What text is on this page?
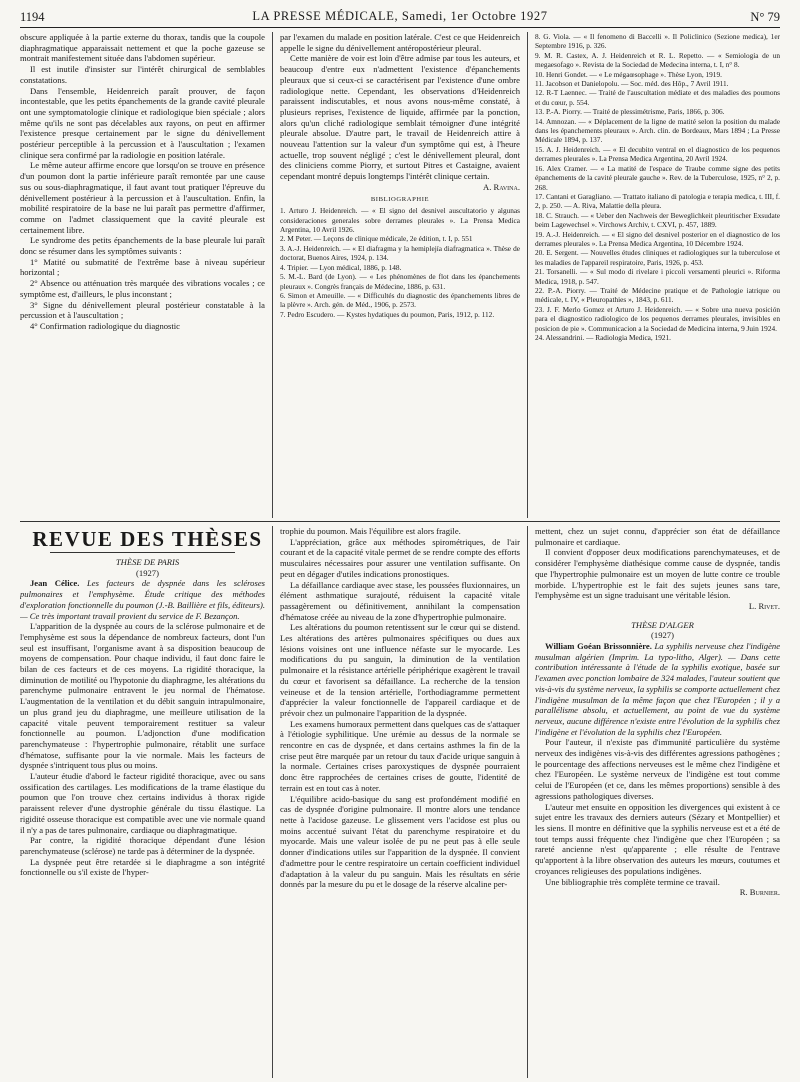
1194	LA PRESSE MÉDICALE, Samedi, 1er Octobre 1927	N° 79

obscure appliquée à la partie externe du thorax, tandis que la coupole diaphragmatique apparaissait nettement et que la poche gazeuse se montrait manifestement située dans l'abdomen supérieur.

Il est inutile d'insister sur l'intérêt chirurgical de semblables constatations.

Dans l'ensemble, Heidenreich paraît prouver, de façon incontestable, que les petits épanchements de la grande cavité pleurale ont une symptomatologie clinique et radiologique bien spéciale ; alors même qu'ils ne sont pas décelables aux rayons, on peut en affirmer l'existence presque certainement par le signe du dénivellement postérieur perceptible à la percussion et à l'auscultation ; l'examen clinique sera confirmé par la radiologie en position latérale.

Le même auteur affirme encore que lorsqu'on se trouve en présence d'un poumon dont la partie inférieure paraît remontée par une cause sus ou sous-diaphragmatique, il faut avant tout pratiquer l'épreuve du dénivellement postérieur à la percussion et à l'auscultation. Enfin, la mobilité respiratoire de la base ne lui paraît pas permettre d'affirmer, comme on l'admet classiquement que la cavité pleurale est certainement libre.

Le syndrome des petits épanchements de la base pleurale lui paraît donc se résumer dans les symptômes suivants :

1° Matité ou submatité de l'extrême base à niveau supérieur horizontal ;

2° Absence ou atténuation très marquée des vibrations vocales ; ce symptôme est, d'ailleurs, le plus inconstant ;

3° Signe du dénivellement pleural postérieur constatable à la percussion et à l'auscultation ;

4° Confirmation radiologique du diagnostic

par l'examen du malade en position latérale. C'est ce que Heidenreich appelle le signe du dénivellement antéropostérieur pleural.

Cette manière de voir est loin d'être admise par tous les auteurs, et beaucoup d'entre eux n'admettent l'existence d'épanchements pleuraux que si ceux-ci se caractérisent par l'existence d'une ombre radiologique nette. Cependant, les observations d'Heidenreich paraissent indiscutables, et nous avons nous-même constaté, à plusieurs reprises, l'existence de liquide, affirmée par la ponction, alors qu'un cliché radiologique semblait témoigner d'une intégrité pleurale absolue. D'autre part, le travail de Heidenreich attire à nouveau l'attention sur la valeur d'un symptôme qui est, à l'heure actuelle, trop souvent négligé ; c'est le dénivellement pleural, dont des cliniciens comme Piorry, et surtout Pitres et Castaigne, avaient cependant montré depuis longtemps l'intérêt clinique certain.

A. Ravina.

BIBLIOGRAPHIE

1. Arturo J. Heidenreich. — « El signo del desnivel auscultatorio y algunas consideraciones generales sobre derrames pleurales ». La Prensa Medica Argentina, 10 Avril 1926.

2. M Peter. — Leçons de clinique médicale, 2e édition, t. I, p. 551

3. A.-J. Heidenreich. — « El diafragma y la hemiplejía diafragmatica ». Thèse de doctorat, Buenos Aires, 1924, p. 134.

4. Tripier. — Lyon médical, 1886, p. 148.

5. M.-L. Bard (de Lyon). — « Les phénomènes de flot dans les épanchements pleuraux ». Congrès français de Médecine, 1886, p. 631.

6. Simon et Ameuille. — « Difficultés du diagnostic des épanchements libres de la plèvre ». Arch. gén. de Méd., 1906, p. 2573.

7. Pedro Escudero. — Kystes hydatiques du poumon, Paris, 1912, p. 112.

8. G. Viola. — « Il fenomeno di Baccelli ». Il Policlinico (Sezione medica), 1er Septembre 1916, p. 326.

9. M. R. Castex, A. J. Heidenreich et R. L. Repetto. — « Semiología de un megaesofago ». Revista de la Sociedad de Medecina interna, t. I, n° 8.

10. Henri Gondet. — « Le mégaœsophage ». Thèse Lyon, 1919.

11. Jacobson et Danielopolu. — Soc. méd. des Hôp., 7 Avril 1911.

12. R-T Laennec. — Traité de l'auscultation médiate et des maladies des poumons et du cœur, p. 554.

13. P.-A. Piorry. — Traité de plessimétrisme, Paris, 1866, p. 306.

14. Amnozan. — « Déplacement de la ligne de matité selon la position du malade dans les épanchements pleuraux ». Arch. clin. de Bordeaux, Mars 1894 ; La Presse Médicale 1894, p. 137.

15. A. J. Heidenreich. — « El decubito ventral en el diagnostico de los pequenos derrames pleurales ». La Prensa Medica Argentina, 20 Avril 1924.

16. Alex Cramer. — « La matité de l'espace de Traube comme signe des petits épanchements de la cavité pleurale gauche ». Rev. de la Tuberculose, 1925, n° 2, p. 268.

17. Cantani et Garagliano. — Trattato italiano di patologia e terapia medica, t. III, f. 2, p. 250. — A. Riva, Malattie della pleura.

18. C. Strauch. — « Ueber den Nachweis der Beweglichkeit pleuritischer Exsudate beim Lagewechsel ». Virchows Archiv, t. CXVI, p. 457, 1889.

19. A.-J. Heidenreich. — « El signo del desnivel posterior en el diagnostico de los derrames pleurales ». La Prensa Medica Argentina, 10 Décembre 1924.

20. E. Sergent. — Nouvelles études cliniques et radiologiques sur la tuberculose et les maladies de l'appareil respiratoire, Paris, 1926, p. 453.

21. Torsanelli. — « Sul modo di rivelare i piccoli versamenti pleurici ». Riforma Medica, 1918, p. 547.

22. P.-A. Piorry. — Traité de Médecine pratique et de Pathologie iatrique ou médicale, t. IV, « Pleuropathies », 1843, p. 611.

23. J. F. Merlo Gomez et Arturo J. Heidenreich. — « Sobre una nueva posición para el diagnostico radiologico de los pequenos derrames pleurales, invisibles en posicion de pie ». Communicacion a la Sociedad de Medicina interna, 9 Juin 1924.

24. Alessandrini. — Radiologia Medica, 1921.

REVUE DES THÈSES

THÈSE DE PARIS

(1927)

Jean Célice. Les facteurs de dyspnée dans les scléroses pulmonaires et l'emphysème. Étude critique des méthodes d'exploration fonctionnelle du poumon (J.-B. Baillière et fils, éditeurs). — Ce très important travail provient du service de F. Bezançon.

L'apparition de la dyspnée au cours de la sclérose pulmonaire et de l'emphysème est sous la dépendance de nombreux facteurs, dont l'un seul est insuffisant, l'organisme avant à sa disposition beaucoup de moyens de compensation. Pour chaque individu, il faut donc faire le bilan de ces facteurs et de ces moyens. La rigidité thoracique, la diminution de motilité ou l'hypotonie du diaphragme, les altérations du parenchyme pulmonaire entravent le jeu normal de l'hématose. L'augmentation de la ventilation et du débit sanguin intrapulmonaire, un plus grand jeu du diaphragme, une meilleure utilisation de la capacité vitale peuvent temporairement restituer sa valeur fonctionnelle au poumon. L'adjonction d'une modification parenchymateuse : l'hypertrophie pulmonaire, rétablit une surface d'hématose, suffisante pour la vie normale. Mais les facteurs de dyspnée s'intriquent tous plus ou moins.

L'auteur étudie d'abord le facteur rigidité thoracique, avec ou sans ossification des cartilages. Les modifications de la trame élastique du poumon que l'on trouve chez certains individus à thorax rigide paraissent relever d'une dystrophie générale du tissu élastique. La rigidité osseuse thoracique est compatible avec une vie normale quand il n'y a pas de tares pulmonaire, cardiaque ou diaphragmatique.

Par contre, la rigidité thoracique dépendant d'une lésion parenchymateuse (sclérose) ne tarde pas à déterminer de la dyspnée.

La dyspnée peut être retardée si le diaphragme a son intégrité fonctionnelle ou s'il existe de l'hyper-

trophie du poumon. Mais l'équilibre est alors fragile.

L'appréciation, grâce aux méthodes spirométriques, de l'air courant et de la capacité vitale permet de se rendre compte des efforts musculaires nécessaires pour assurer une ventilation suffisante. On peut en dégager d'utiles indications pronostiques.

La défaillance cardiaque avec stase, les poussées fluxionnaires, un élément asthmatique surajouté, réduisent la capacité vitale passagèrement ou définitivement, annihilant la compensation d'hématose créée au niveau de la zone d'hypertrophie pulmonaire.

Les altérations du poumon retentissent sur le cœur qui se distend. Les altérations des artères pulmonaires spécifiques ou dues aux lésions voisines ont une influence néfaste sur le myocarde. Les modifications du pu sanguin, la diminution de la ventilation pulmonaire et la résistance artérielle périphérique exagèrent le travail du cœur et favorisent sa défaillance. La recherche de la tension veineuse et de la tension artérielle, l'orthodiagramme permettent d'apprécier la valeur fonctionnelle de l'appareil cardiaque et de prévoir chez un pulmonaire l'apparition de la dyspnée.

Les examens humoraux permettent dans quelques cas de s'attaquer à l'étiologie syphilitique. Une urémie au dessus de la normale se rencontre en cas de dyspnée, et dans certains asthmes la fin de la crise peut être marquée par un retour du taux d'acide urique sanguin à la normale. Certaines crises paroxystiques de dyspnée pourraient donc être rapprochées de certaines crises de goutte, l'identité de terrain est en tout cas à noter.

L'équilibre acido-basique du sang est profondément modifié en cas de dyspnée d'origine pulmonaire. Il montre alors une tendance nette à l'acidose gazeuse. Le glissement vers l'acidose est plus ou moins accentué suivant l'état du parenchyme respiratoire et du myocarde. Mais une valeur isolée de pu ne peut pas à elle seule donner d'indications utiles sur l'apparition de la dyspnée. Il convient d'admettre pour le centre respiratoire un certain coefficient individuel d'adaptation à la valeur du pu sanguin. Mais les résultats en série donnés par la mesure du pu et le dosage de la réserve alcaline per-

mettent, chez un sujet connu, d'apprécier son état de défaillance pulmonaire et cardiaque.

Il convient d'opposer deux modifications parenchymateuses, et de considérer l'emphysème diathésique comme cause de dyspnée, tandis que l'hypertrophie pulmonaire est un moyen de lutte contre ce trouble morbide. L'hypertrophie est le fait des sujets jeunes sans tare, l'emphysème est un signe traduisant une véritable lésion.

L. Rivet.

THÈSE D'ALGER

(1927)

William Goéan Brissonnière. La syphilis nerveuse chez l'indigène musulman algérien (Imprim. La typo-litho, Alger). — Dans cette contribution intéressante à l'étude de la syphilis exotique, basée sur l'examen avec ponction lombaire de 324 malades, l'auteur soutient que vis-à-vis du système nerveux, la syphilis se comporte actuellement chez l'indigène musulman de la même façon que chez l'Européen ; il y a parallélisme absolu, et actuellement, au point de vue du système nerveux, aucune différence n'existe entre l'évolution de la syphilis chez l'indigène et l'évolution de la syphilis chez l'Européen.

Pour l'auteur, il n'existe pas d'immunité particulière du système nerveux des indigènes vis-à-vis des différentes agressions pathogènes ; le pourcentage des affections nerveuses est le même chez l'indigène et chez l'Européen. Le système nerveux de l'indigène est tout comme celui de l'Européen (et ce, dans les mêmes proportions) sensible à des agressions pathologiques diverses.

L'auteur met ensuite en opposition les divergences qui existent à ce sujet entre les travaux des derniers auteurs (Sézary et Montpellier) et les siens. Il montre en définitive que la syphilis nerveuse est et a été de tout temps aussi fréquente chez l'indigène que chez l'Européen ; sa rareté ancienne n'est qu'apparente ; elle résulte de l'entrave qu'apportent à la libre observation des auteurs les mœurs, coutumes et croyances religieuses des populations indigènes.

Une bibliographie très complète termine ce travail.

R. Burnier.
